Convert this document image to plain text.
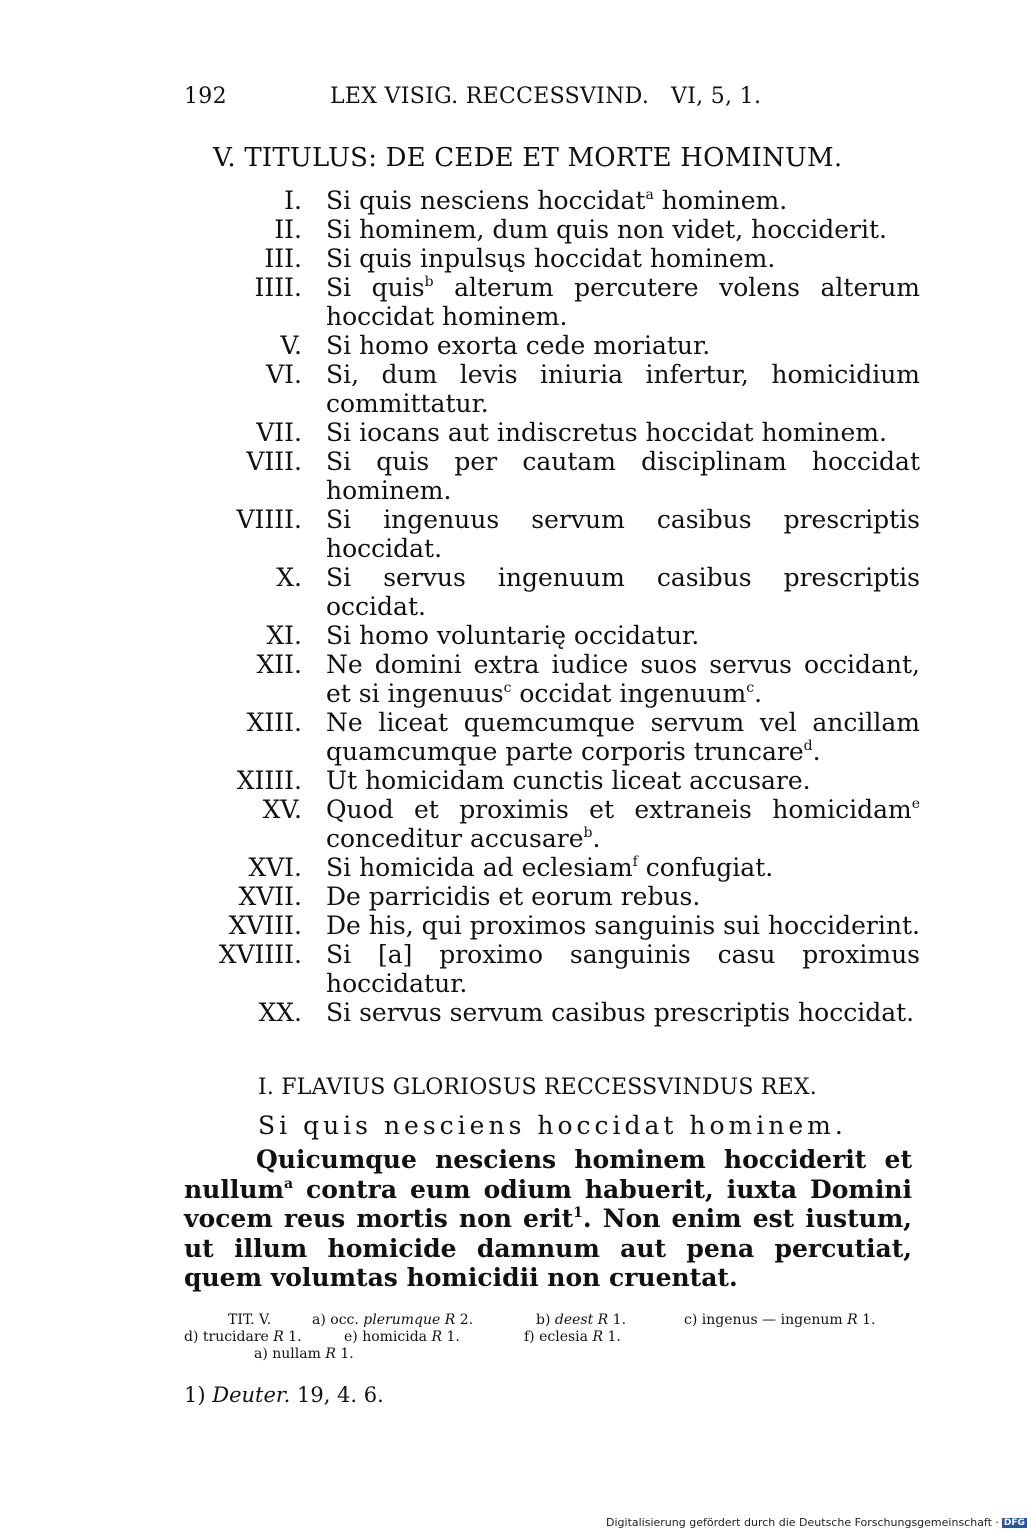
192	LEX VISIG. RECCESSVIND.   VI, 5, 1.
V. TITULUS: DE CEDE ET MORTE HOMINUM.
I. Si quis nesciens hoccidat$^a$ hominem.
II. Si hominem, dum quis non videt, hocciderit.
III. Si quis inpulsųs hoccidat hominem.
IIII. Si quis$^b$ alterum percutere volens alterum hoccidat hominem.
V. Si homo exorta cede moriatur.
VI. Si, dum levis iniuria infertur, homicidium committatur.
VII. Si iocans aut indiscretus hoccidat hominem.
VIII. Si quis per cautam disciplinam hoccidat hominem.
VIIII. Si ingenuus servum casibus prescriptis hoccidat.
X. Si servus ingenuum casibus prescriptis occidat.
XI. Si homo voluntarię occidatur.
XII. Ne domini extra iudice suos servus occidant, et si ingenuus$^c$ occidat ingenuum$^c$.
XIII. Ne liceat quemcumque servum vel ancillam quamcumque parte corporis truncare$^d$.
XIIII. Ut homicidam cunctis liceat accusare.
XV. Quod et proximis et extraneis homicidam$^e$ conceditur accusare$^b$.
XVI. Si homicida ad eclesiam$^f$ confugiat.
XVII. De parricidis et eorum rebus.
XVIII. De his, qui proximos sanguinis sui hocciderint.
XVIIII. Si [a] proximo sanguinis casu proximus hoccidatur.
XX. Si servus servum casibus prescriptis hoccidat.
I. FLAVIUS GLORIOSUS RECCESSVINDUS REX.
Si quis nesciens hoccidat hominem.
Quicumque nesciens hominem hocciderit et nullum$^a$ contra eum odium habuerit, iuxta Domini vocem reus mortis non erit$^1$. Non enim est iustum, ut illum homicide damnum aut pena percutiat, quem volumtas homicidii non cruentat.
TIT. V.	a) occ. plerumque R 2.	b) deest R 1.	c) ingenus — ingenum R 1.
d) trucidare R 1.	e) homicida R 1.	f) eclesia R 1.
a) nullam R 1.
1) Deuter. 19, 4. 6.
Digitalisierung gefördert durch die Deutsche Forschungsgemeinschaft · DFG
